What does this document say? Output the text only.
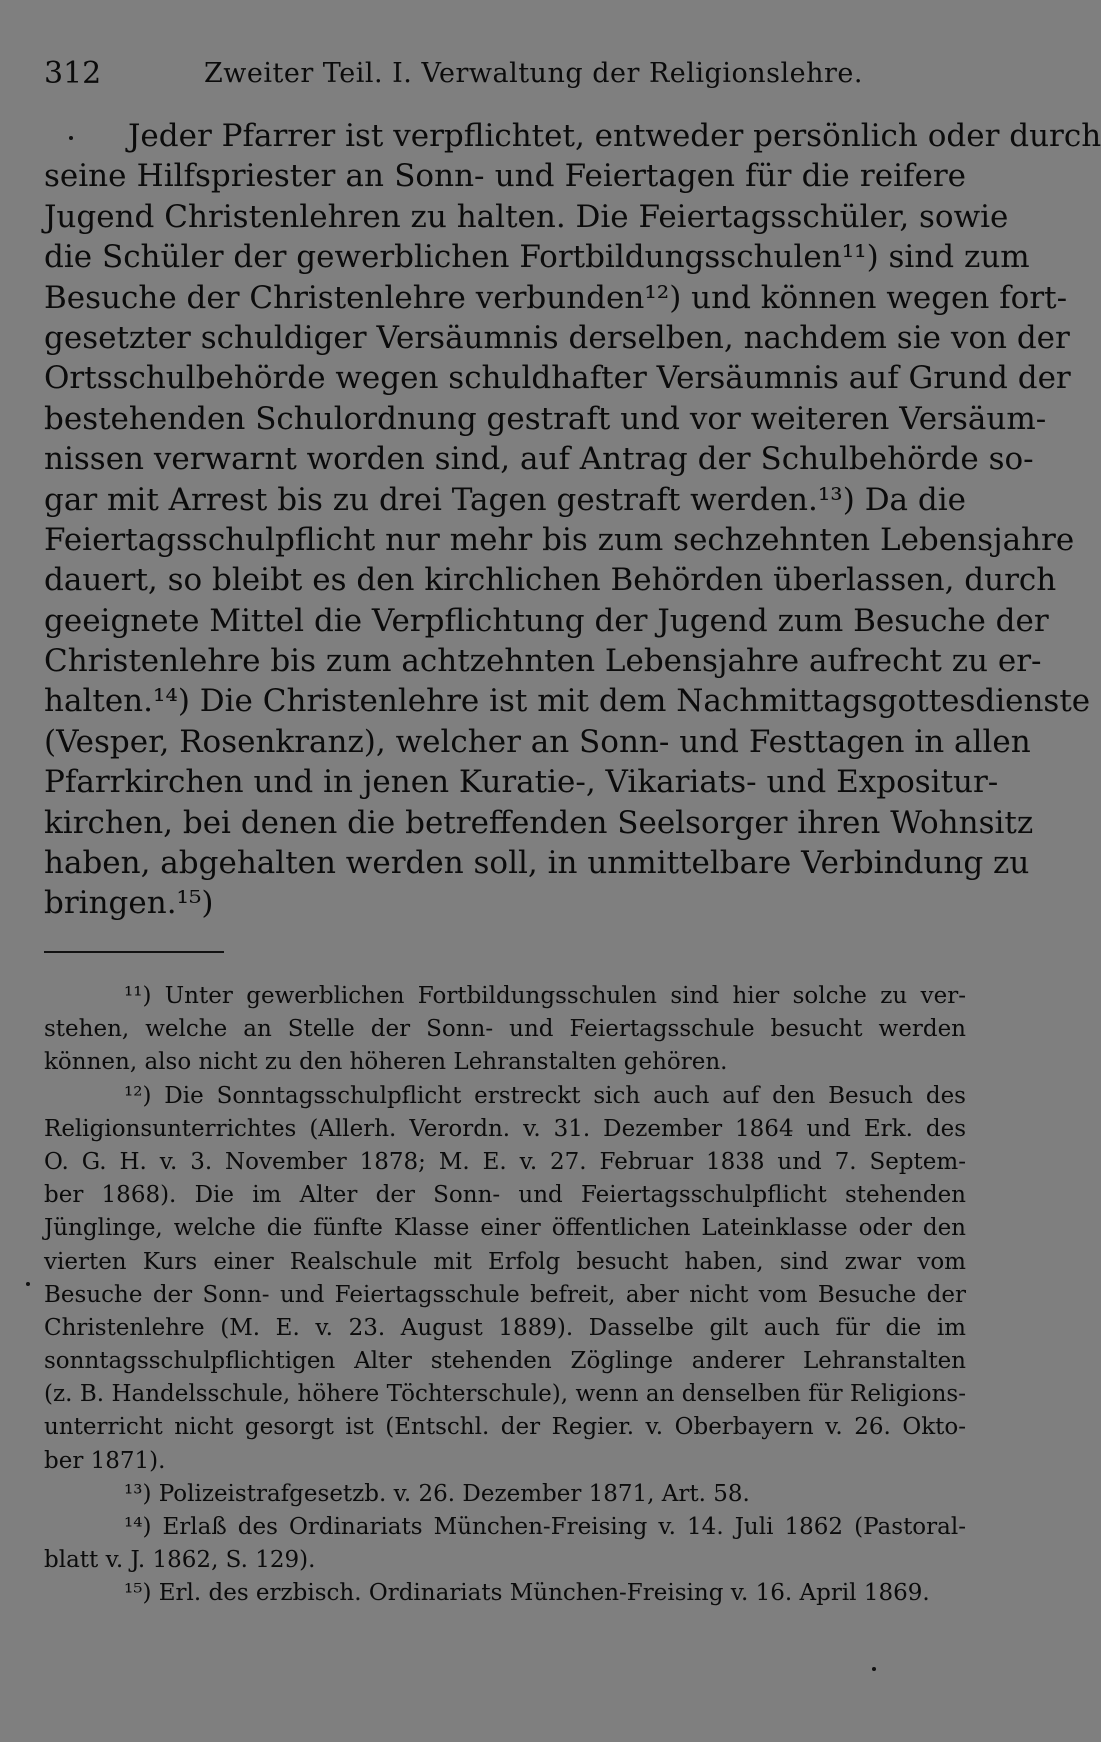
312	Zweiter Teil. I. Verwaltung der Religionslehre.
Jeder Pfarrer ist verpflichtet, entweder persönlich oder durch
seine Hilfspriester an Sonn- und Feiertagen für die reifere
Jugend Christenlehren zu halten. Die Feiertagsschüler, sowie
die Schüler der gewerblichen Fortbildungsschulen¹¹) sind zum
Besuche der Christenlehre verbunden¹²) und können wegen fort-
gesetzter schuldiger Versäumnis derselben, nachdem sie von der
Ortsschulbehörde wegen schuldhafter Versäumnis auf Grund der
bestehenden Schulordnung gestraft und vor weiteren Versäum-
nissen verwarnt worden sind, auf Antrag der Schulbehörde so-
gar mit Arrest bis zu drei Tagen gestraft werden.¹³) Da die
Feiertagsschulpflicht nur mehr bis zum sechzehnten Lebensjahre
dauert, so bleibt es den kirchlichen Behörden überlassen, durch
geeignete Mittel die Verpflichtung der Jugend zum Besuche der
Christenlehre bis zum achtzehnten Lebensjahre aufrecht zu er-
halten.¹⁴) Die Christenlehre ist mit dem Nachmittagsgottesdienste
(Vesper, Rosenkranz), welcher an Sonn- und Festtagen in allen
Pfarrkirchen und in jenen Kuratie-, Vikariats- und Expositur-
kirchen, bei denen die betreffenden Seelsorger ihren Wohnsitz
haben, abgehalten werden soll, in unmittelbare Verbindung zu
bringen.¹⁵)
¹¹) Unter gewerblichen Fortbildungsschulen sind hier solche zu ver-
stehen, welche an Stelle der Sonn- und Feiertagsschule besucht werden
können, also nicht zu den höheren Lehranstalten gehören.
¹²) Die Sonntagsschulpflicht erstreckt sich auch auf den Besuch des
Religionsunterrichtes (Allerh. Verordn. v. 31. Dezember 1864 und Erk. des
O. G. H. v. 3. November 1878; M. E. v. 27. Februar 1838 und 7. Septem-
ber 1868). Die im Alter der Sonn- und Feiertagsschulpflicht stehenden
Jünglinge, welche die fünfte Klasse einer öffentlichen Lateinklasse oder den
vierten Kurs einer Realschule mit Erfolg besucht haben, sind zwar vom
Besuche der Sonn- und Feiertagsschule befreit, aber nicht vom Besuche der
Christenlehre (M. E. v. 23. August 1889). Dasselbe gilt auch für die im
sonntagsschulpflichtigen Alter stehenden Zöglinge anderer Lehranstalten
(z. B. Handelsschule, höhere Töchterschule), wenn an denselben für Religions-
unterricht nicht gesorgt ist (Entschl. der Regier. v. Oberbayern v. 26. Okto-
ber 1871).
¹³) Polizeistrafgesetzb. v. 26. Dezember 1871, Art. 58.
¹⁴) Erlaß des Ordinariats München-Freising v. 14. Juli 1862 (Pastoral-
blatt v. J. 1862, S. 129).
¹⁵) Erl. des erzbisch. Ordinariats München-Freising v. 16. April 1869.
